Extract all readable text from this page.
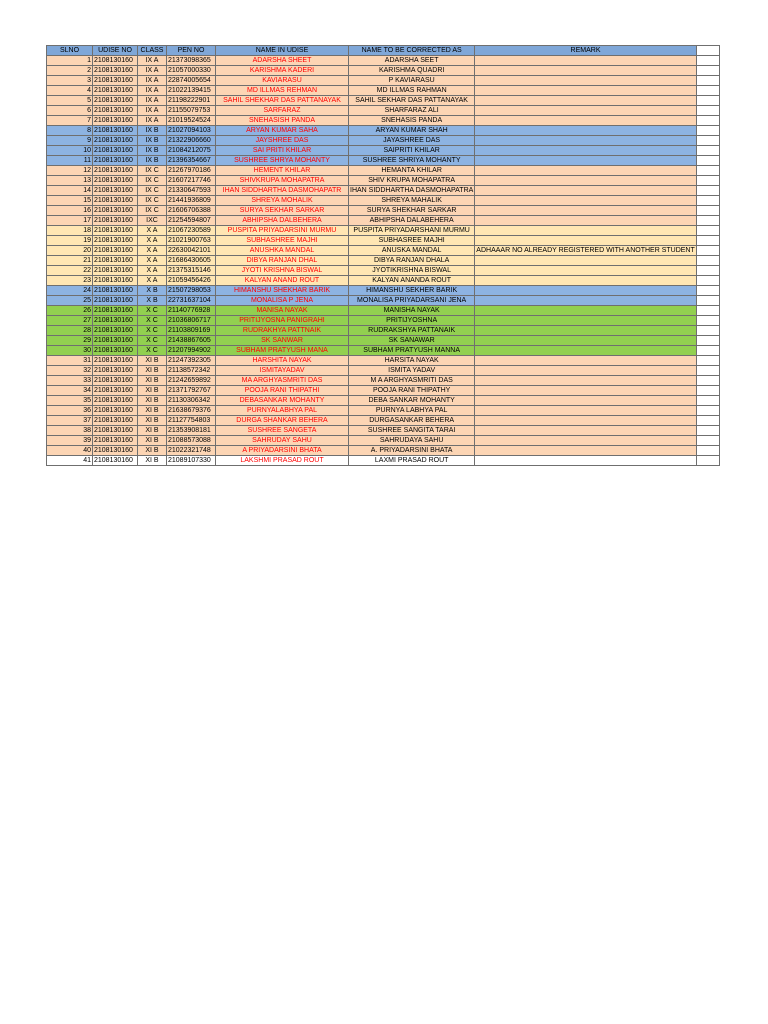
SLNO	UDISE NO	CLASS	PEN NO	NAME IN UDISE	NAME TO BE CORRECTED AS	REMARK	
1	2108130160	IX A	21373098365	ADARSHA SHEET	ADARSHA SEET		
2	2108130160	IX A	21057000330	KARISHMA KADERI	KARISHMA QUADRI		
3	2108130160	IX A	22874005654	KAVIARASU	P KAVIARASU		
4	2108130160	IX A	21022139415	MD ILLMAS REHMAN	MD ILLMAS RAHMAN		
5	2108130160	IX A	21198222901	SAHIL SHEKHAR DAS PATTANAYAK	SAHIL SEKHAR DAS PATTANAYAK		
6	2108130160	IX A	21155079753	SARFARAZ	SHARFARAZ ALI		
7	2108130160	IX A	21019524524	SNEHASISH PANDA	SNEHASIS PANDA		
8	2108130160	IX B	21027094103	ARYAN KUMAR SAHA	ARYAN KUMAR SHAH		
9	2108130160	IX B	21322906660	JAYSHREE DAS	JAYASHREE DAS		
10	2108130160	IX B	21084212075	SAI PRITI KHILAR	SAIPRITI KHILAR		
11	2108130160	IX B	21396354667	SUSHREE SHRYA MOHANTY	SUSHREE SHRIYA MOHANTY		
12	2108130160	IX C	21267970186	HEMENT KHILAR	HEMANTA KHILAR		
13	2108130160	IX C	21607217746	SHIVKRUPA MOHAPATRA	SHIV KRUPA MOHAPATRA		
14	2108130160	IX C	21330647593	IHAN SIDDHARTHA DASMOHAPATR	IHAN SIDDHARTHA DASMOHAPATRA		
15	2108130160	IX C	21441936809	SHREYA MOHALIK	SHREYA MAHALIK		
16	2108130160	IX C	21606706388	SURYA SEKHAR SARKAR	SURYA SHEKHAR SARKAR		
17	2108130160	IXC	21254594807	ABHIPSHA DALBEHERA	ABHIPSHA DALABEHERA		
18	2108130160	X A	21067230589	PUSPITA PRIYADARSINI MURMU	PUSPITA PRIYADARSHANI MURMU		
19	2108130160	X A	21021900763	SUBHASHREE MAJHI	SUBHASREE MAJHI		
20	2108130160	X A	22630042101	ANUSHKA MANDAL	ANUSKA MANDAL	ADHAAAR NO ALREADY REGISTERED WITH ANOTHER STUDENT	
21	2108130160	X A	21686430605	DIBYA RANJAN DHAL	DIBYA RANJAN DHALA		
22	2108130160	X A	21375315146	JYOTI KRISHNA BISWAL	JYOTIKRISHNA BISWAL		
23	2108130160	X A	21059456426	KALYAN ANAND ROUT	KALYAN ANANDA ROUT		
24	2108130160	X B	21507298053	HIMANSHU SHEKHAR BARIK	HIMANSHU SEKHER BARIK		
25	2108130160	X B	22731637104	MONALISA P JENA	MONALISA PRIYADARSANI JENA		
26	2108130160	X C	21140776928	MANISA NAYAK	MANISHA NAYAK		
27	2108130160	X C	21036806717	PRITIJYOSNA PANIGRAHI	PRITIJYOSHNA		
28	2108130160	X C	21103809169	RUDRAKHYA PATTNAIK	RUDRAKSHYA PATTANAIK		
29	2108130160	X C	21438867605	SK SANWAR	SK SANAWAR		
30	2108130160	X C	21207994902	SUBHAM PRATYUSH MANA	SUBHAM PRATYUSH MANNA		
31	2108130160	XI B	21247392305	HARSHITA NAYAK	HARSITA NAYAK		
32	2108130160	XI B	21138572342	ISMITAYADAV	ISMITA YADAV		
33	2108130160	XI B	21242659892	MA ARGHYASMRITI DAS	M A ARGHYASMRITI DAS		
34	2108130160	XI B	21371792767	POOJA RANI THIPATHI	POOJA RANI THIPATHY		
35	2108130160	XI B	21130306342	DEBASANKAR MOHANTY	DEBA SANKAR MOHANTY		
36	2108130160	XI B	21638679376	PURNYALABHYA PAL	PURNYA LABHYA PAL		
37	2108130160	XI B	21127754803	DURGA SHANKAR BEHERA	DURGASANKAR BEHERA		
38	2108130160	XI B	21353908181	SUSHREE SANGETA	SUSHREE SANGITA TARAI		
39	2108130160	XI B	21088573088	SAHRUDAY SAHU	SAHRUDAYA SAHU		
40	2108130160	XI B	21022321748	A PRIYADARSINI BHATA	A. PRIYADARSINI BHATA		
41	2108130160	XI B	21089107330	LAKSHMI PRASAD ROUT	LAXMI PRASAD ROUT		
